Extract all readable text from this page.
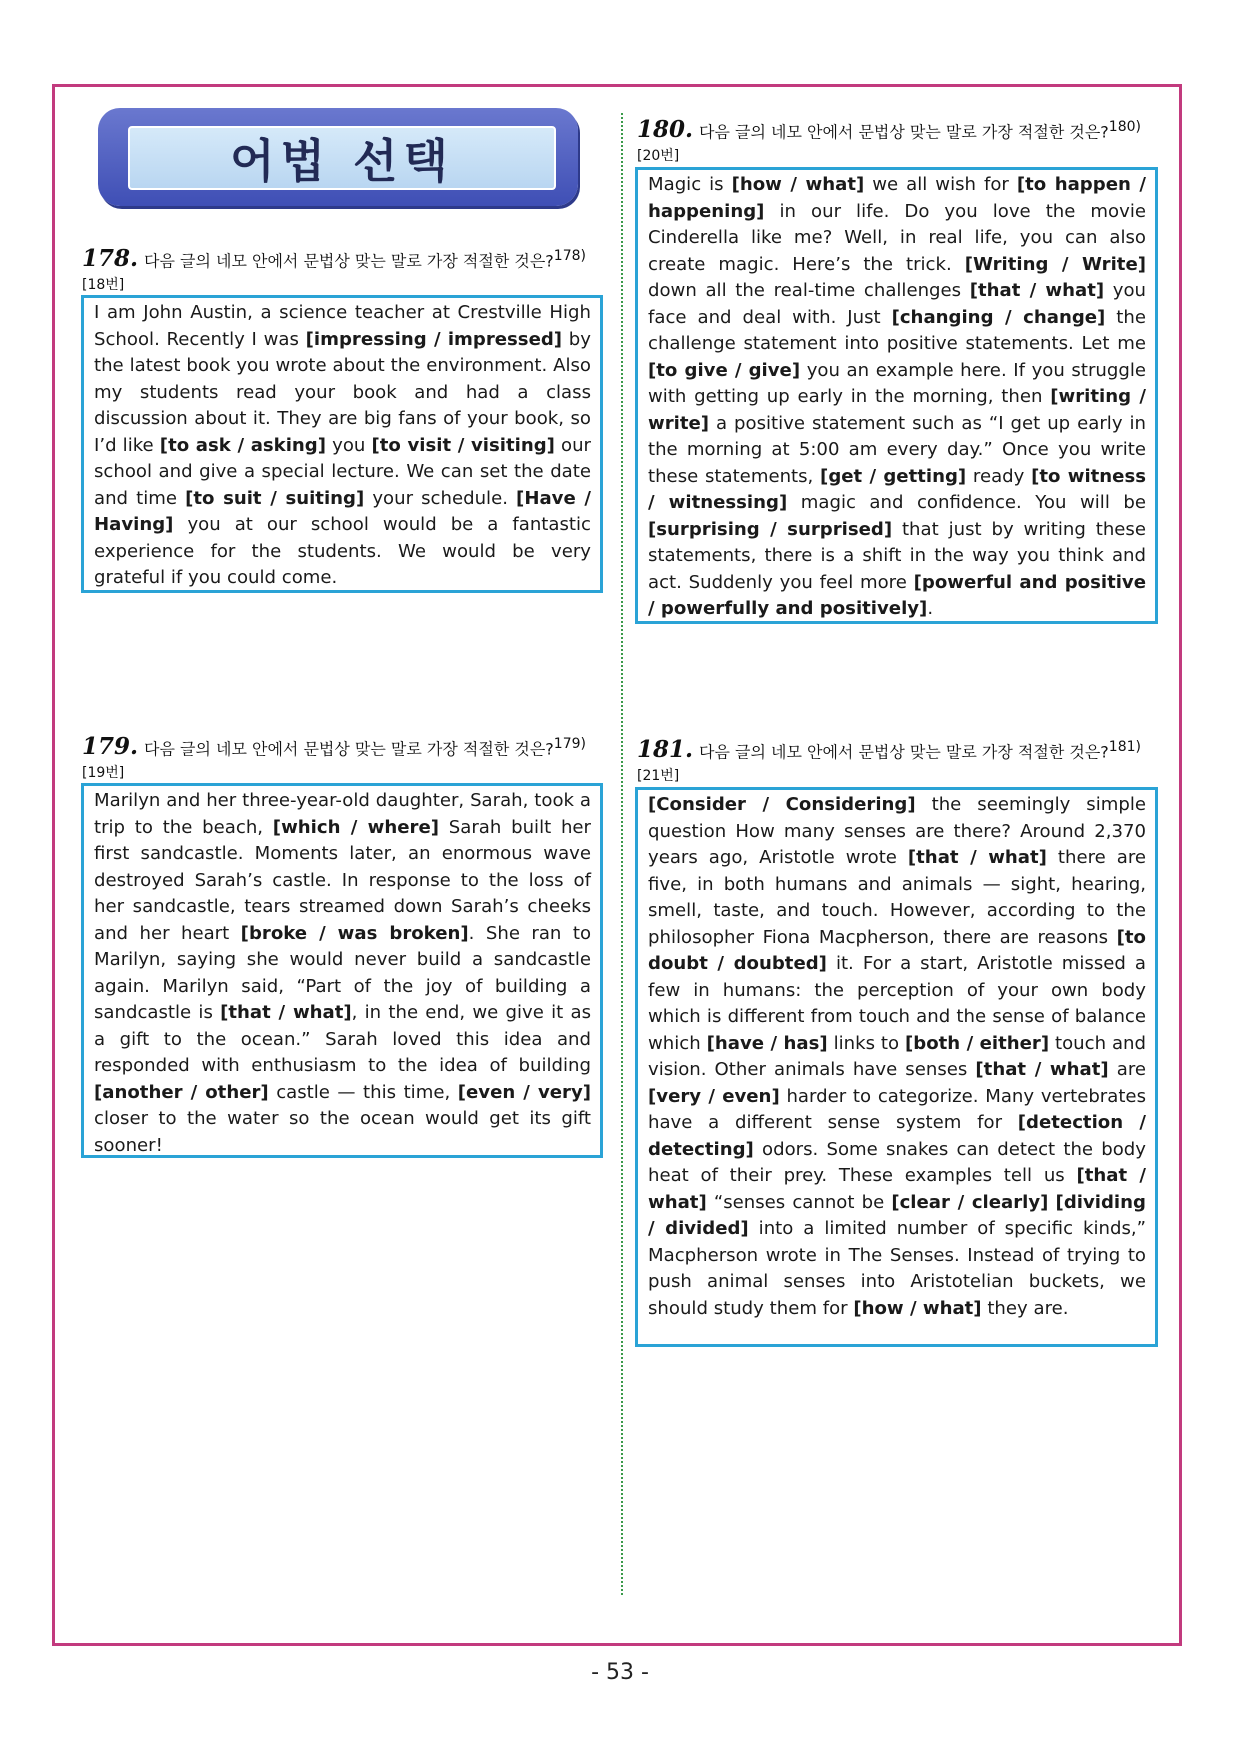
어법 선택
178. 다음 글의 네모 안에서 문법상 맞는 말로 가장 적절한 것은?$^{178)[18번]}$
I am John Austin, a science teacher at Crestville High School. Recently I was [impressing / impressed] by the latest book you wrote about the environment. Also my students read your book and had a class discussion about it. They are big fans of your book, so I’d like [to ask / asking] you [to visit / visiting] our school and give a special lecture. We can set the date and time [to suit / suiting] your schedule. [Have / Having] you at our school would be a fantastic experience for the students. We would be very grateful if you could come.
179. 다음 글의 네모 안에서 문법상 맞는 말로 가장 적절한 것은?$^{179)[19번]}$
Marilyn and her three-year-old daughter, Sarah, took a trip to the beach, [which / where] Sarah built her first sandcastle. Moments later, an enormous wave destroyed Sarah’s castle. In response to the loss of her sandcastle, tears streamed down Sarah’s cheeks and her heart [broke / was broken]. She ran to Marilyn, saying she would never build a sandcastle again. Marilyn said, “Part of the joy of building a sandcastle is [that / what], in the end, we give it as a gift to the ocean.” Sarah loved this idea and responded with enthusiasm to the idea of building [another / other] castle — this time, [even / very] closer to the water so the ocean would get its gift sooner!
180. 다음 글의 네모 안에서 문법상 맞는 말로 가장 적절한 것은?$^{180)[20번]}$
Magic is [how / what] we all wish for [to happen / happening] in our life. Do you love the movie Cinderella like me? Well, in real life, you can also create magic. Here’s the trick. [Writing / Write] down all the real-time challenges [that / what] you face and deal with. Just [changing / change] the challenge statement into positive statements. Let me [to give / give] you an example here. If you struggle with getting up early in the morning, then [writing / write] a positive statement such as “I get up early in the morning at 5:00 am every day.” Once you write these statements, [get / getting] ready [to witness / witnessing] magic and confidence. You will be [surprising / surprised] that just by writing these statements, there is a shift in the way you think and act. Suddenly you feel more [powerful and positive / powerfully and positively].
181. 다음 글의 네모 안에서 문법상 맞는 말로 가장 적절한 것은?$^{181)[21번]}$
[Consider / Considering] the seemingly simple question How many senses are there? Around 2,370 years ago, Aristotle wrote [that / what] there are five, in both humans and animals — sight, hearing, smell, taste, and touch. However, according to the philosopher Fiona Macpherson, there are reasons [to doubt / doubted] it. For a start, Aristotle missed a few in humans: the perception of your own body which is different from touch and the sense of balance which [have / has] links to [both / either] touch and vision. Other animals have senses [that / what] are [very / even] harder to categorize. Many vertebrates have a different sense system for [detection / detecting] odors. Some snakes can detect the body heat of their prey. These examples tell us [that / what] “senses cannot be [clear / clearly] [dividing / divided] into a limited number of specific kinds,” Macpherson wrote in The Senses. Instead of trying to push animal senses into Aristotelian buckets, we should study them for [how / what] they are.
- 53 -
